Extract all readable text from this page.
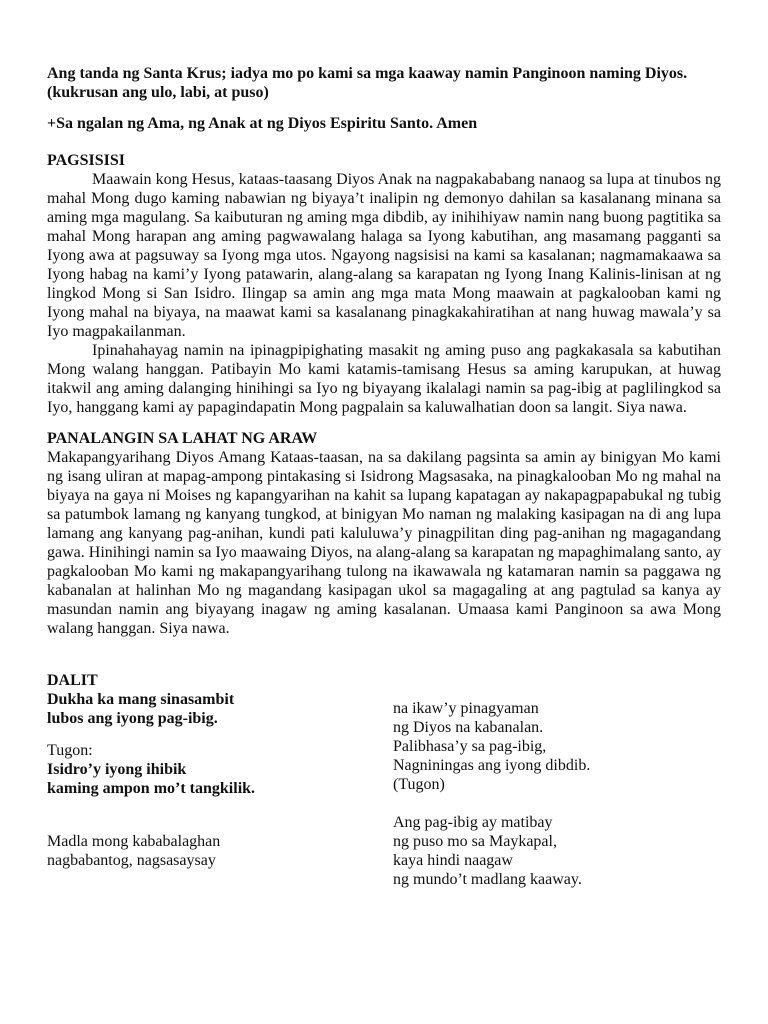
Ang tanda ng Santa Krus; iadya mo po kami sa mga kaaway namin Panginoon naming Diyos. (kukrusan ang ulo, labi, at puso)

+Sa ngalan ng Ama, ng Anak at ng Diyos Espiritu Santo. Amen

PAGSISISI

Maawain kong Hesus, kataas-taasang Diyos Anak na nagpakababang nanaog sa lupa at tinubos ng mahal Mong dugo kaming nabawian ng biyaya’t inalipin ng demonyo dahilan sa kasalanang minana sa aming mga magulang. Sa kaibuturan ng aming mga dibdib, ay inihihiyaw namin nang buong pagtitika sa mahal Mong harapan ang aming pagwawalang halaga sa Iyong kabutihan, ang masamang pagganti sa Iyong awa at pagsuway sa Iyong mga utos. Ngayong nagsisisi na kami sa kasalanan; nagmamakaawa sa Iyong habag na kami’y Iyong patawarin, alang-alang sa karapatan ng Iyong Inang Kalinis-linisan at ng lingkod Mong si San Isidro. Ilingap sa amin ang mga mata Mong maawain at pagkalooban kami ng Iyong mahal na biyaya, na maawat kami sa kasalanang pinagkakahiratihan at nang huwag mawala’y sa Iyo magpakailanman.

Ipinahahayag namin na ipinagpipighating masakit ng aming puso ang pagkakasala sa kabutihan Mong walang hanggan. Patibayin Mo kami katamis-tamisang Hesus sa aming karupukan, at huwag itakwil ang aming dalanging hinihingi sa Iyo ng biyayang ikalalagi namin sa pag-ibig at paglilingkod sa Iyo, hanggang kami ay papagindapatin Mong pagpalain sa kaluwalhatian doon sa langit. Siya nawa.

PANALANGIN SA LAHAT NG ARAW

Makapangyarihang Diyos Amang Kataas-taasan, na sa dakilang pagsinta sa amin ay binigyan Mo kami ng isang uliran at mapag-ampong pintakasing si Isidrong Magsasaka, na pinagkalooban Mo ng mahal na biyaya na gaya ni Moises ng kapangyarihan na kahit sa lupang kapatagan ay nakapagpapabukal ng tubig sa patumbok lamang ng kanyang tungkod, at binigyan Mo naman ng malaking kasipagan na di ang lupa lamang ang kanyang pag-anihan, kundi pati kaluluwa’y pinagpilitan ding pag-anihan ng magagandang gawa. Hinihingi namin sa Iyo maawaing Diyos, na alang-alang sa karapatan ng mapaghimalang santo, ay pagkalooban Mo kami ng makapangyarihang tulong na ikawawala ng katamaran namin sa paggawa ng kabanalan at halinhan Mo ng magandang kasipagan ukol sa magagaling at ang pagtulad sa kanya ay masundan namin ang biyayang inagaw ng aming kasalanan. Umaasa kami Panginoon sa awa Mong walang hanggan. Siya nawa.

DALIT

Dukha ka mang sinasambit
lubos ang iyong pag-ibig.
Tugon:
Isidro’y iyong ihibik
kaming ampon mo’t tangkilik.
Madla mong kababalaghan
nagbabantog, nagsasaysay
na ikaw’y pinagyaman
ng Diyos na kabanalan.
Palibhasa’y sa pag-ibig,
Nagniningas ang iyong dibdib.
(Tugon)
Ang pag-ibig ay matibay
ng puso mo sa Maykapal,
kaya hindi naagaw
ng mundo’t madlang kaaway.
